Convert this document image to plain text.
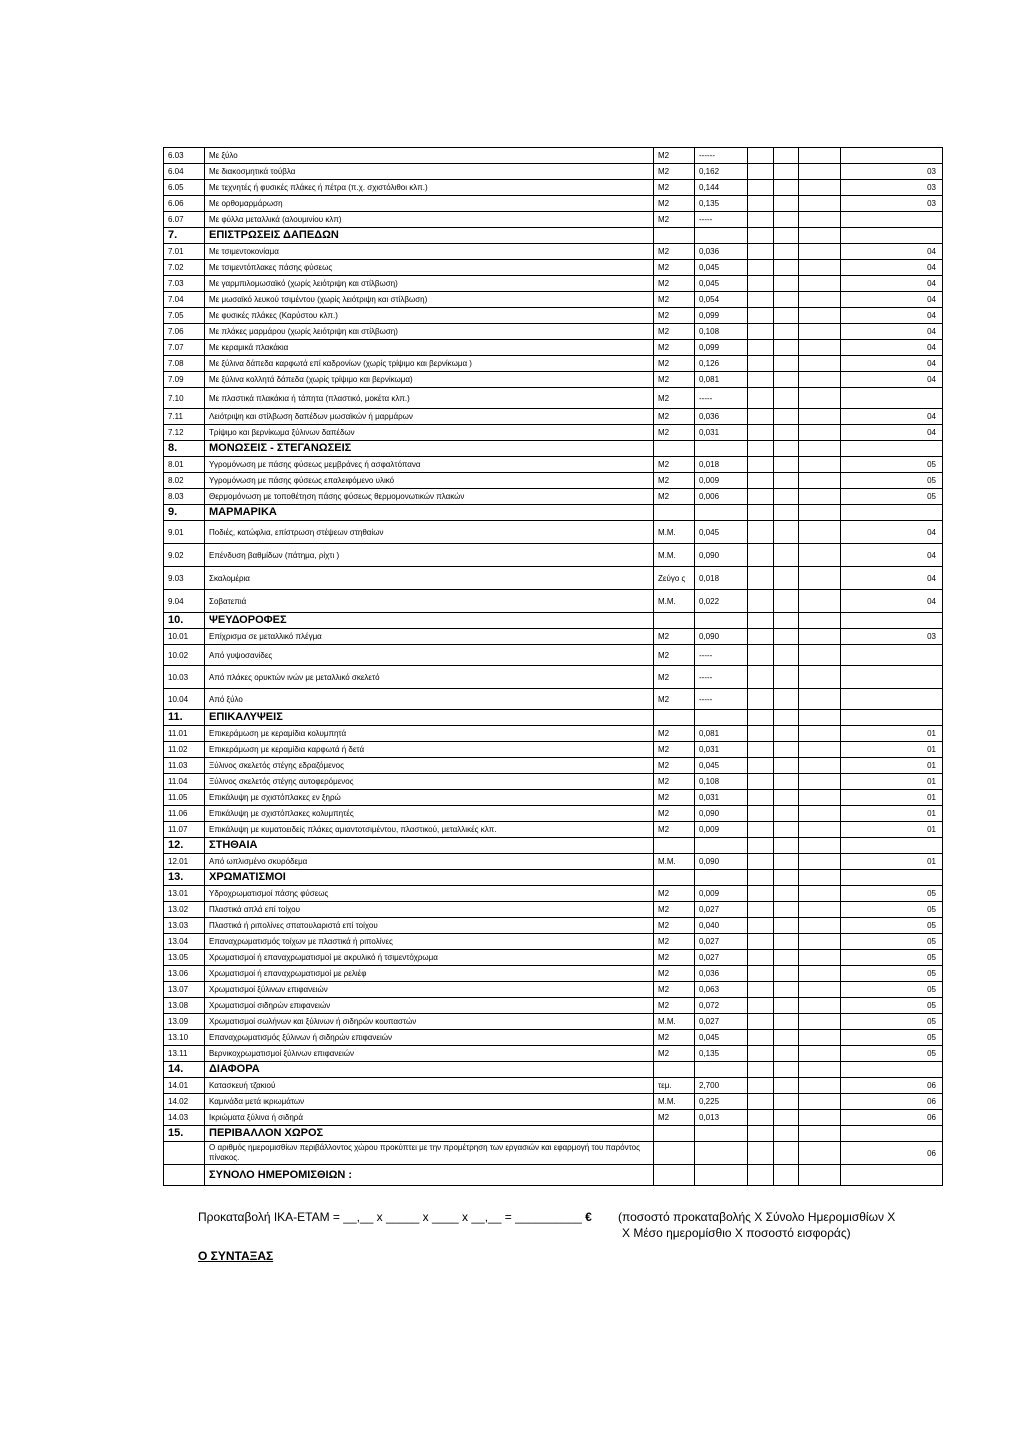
6.03	Με ξύλο	Μ2	------				
6.04	Με διακοσμητικά τούβλα	Μ2	0,162				03
6.05	Με τεχνητές ή φυσικές πλάκες ή πέτρα (π.χ. σχιστόλιθοι κλπ.)	Μ2	0,144				03
6.06	Με ορθομαρμάρωση	Μ2	0,135				03
6.07	Με φύλλα μεταλλικά (αλουμινίου κλπ)	Μ2	-----				
7.	ΕΠΙΣΤΡΩΣΕΙΣ ΔΑΠΕΔΩΝ						
7.01	Με τσιμεντοκονίαμα	Μ2	0,036				04
7.02	Με τσιμεντόπλακες πάσης φύσεως	Μ2	0,045				04
7.03	Με γαρμπιλομωσαϊκό (χωρίς λειότριψη και στίλβωση)	Μ2	0,045				04
7.04	Με μωσαϊκό λευκού τσιμέντου (χωρίς λειότριψη και στίλβωση)	Μ2	0,054				04
7.05	Με φυσικές πλάκες (Καρύστου κλπ.)	Μ2	0,099				04
7.06	Με πλάκες μαρμάρου (χωρίς λειότριψη και στίλβωση)	Μ2	0,108				04
7.07	Με κεραμικά πλακάκια	Μ2	0,099				04
7.08	Με ξύλινα δάπεδα καρφωτά επί καδρονίων (χωρίς τρίψιμο και βερνίκωμα )	Μ2	0,126				04
7.09	Με ξύλινα κολλητά δάπεδα (χωρίς τρίψιμο και βερνίκωμα)	Μ2	0,081				04
7.10	Με πλαστικά πλακάκια ή τάπητα (πλαστικό, μοκέτα κλπ.)	Μ2	-----				
7.11	Λειότριψη και στίλβωση δαπέδων μωσαϊκών ή μαρμάρων	Μ2	0,036				04
7.12	Τρίψιμο και βερνίκωμα ξύλινων δαπέδων	Μ2	0,031				04
8.	ΜΟΝΩΣΕΙΣ - ΣΤΕΓΑΝΩΣΕΙΣ						
8.01	Υγρομόνωση με πάσης φύσεως μεμβράνες ή ασφαλτόπανα	Μ2	0,018				05
8.02	Υγρομόνωση με πάσης φύσεως επαλειφόμενο υλικό	Μ2	0,009				05
8.03	Θερμομόνωση με τοποθέτηση πάσης φύσεως θερμομονωτικών πλακών	Μ2	0,006				05
9.	ΜΑΡΜΑΡΙΚΑ						
9.01	Ποδιές, κατώφλια, επίστρωση στέψεων στηθαίων	Μ.Μ.	0,045				04
9.02	Επένδυση βαθμίδων (πάτημα, ρίχτι )	Μ.Μ.	0,090				04
9.03	Σκαλομέρια	Ζεύγο ς	0,018				04
9.04	Σοβατεπιά	Μ.Μ.	0,022				04
10.	ΨΕΥΔΟΡΟΦΕΣ						
10.01	Επίχρισμα σε μεταλλικό πλέγμα	Μ2	0,090				03
10.02	Από γυψοσανίδες	Μ2	-----				
10.03	Από πλάκες ορυκτών ινών με μεταλλικό σκελετό	Μ2	-----				
10.04	Από ξύλο	Μ2	-----				
11.	ΕΠΙΚΑΛΥΨΕΙΣ						
11.01	Επικεράμωση με κεραμίδια κολυμπητά	Μ2	0,081				01
11.02	Επικεράμωση με κεραμίδια καρφωτά ή δετά	Μ2	0,031				01
11.03	Ξύλινος σκελετός στέγης εδραζόμενος	Μ2	0,045				01
11.04	Ξύλινος σκελετός στέγης αυτοφερόμενος	Μ2	0,108				01
11.05	Επικάλυψη με σχιστόπλακες εν ξηρώ	Μ2	0,031				01
11.06	Επικάλυψη με σχιστόπλακες κολυμπητές	Μ2	0,090				01
11.07	Επικάλυψη με κυματοειδείς πλάκες αμιαντοτσιμέντου, πλαστικού, μεταλλικές κλπ.	Μ2	0,009				01
12.	ΣΤΗΘΑΙΑ						
12.01	Από ωπλισμένο σκυρόδεμα	Μ.Μ.	0,090				01
13.	ΧΡΩΜΑΤΙΣΜΟΙ						
13.01	Υδροχρωματισμοί πάσης φύσεως	Μ2	0,009				05
13.02	Πλαστικά απλά επί τοίχου	Μ2	0,027				05
13.03	Πλαστικά ή ριπολίνες σπατουλαριστά επί τοίχου	Μ2	0,040				05
13.04	Επαναχρωματισμός τοίχων με πλαστικά ή ριπολίνες	Μ2	0,027				05
13.05	Χρωματισμοί ή επαναχρωματισμοί με ακρυλικό ή τσιμεντόχρωμα	Μ2	0,027				05
13.06	Χρωματισμοί ή επαναχρωματισμοί με ρελιέφ	Μ2	0,036				05
13.07	Χρωματισμοί ξύλινων επιφανειών	Μ2	0,063				05
13.08	Χρωματισμοί σιδηρών επιφανειών	Μ2	0,072				05
13.09	Χρωματισμοί σωλήνων και ξύλινων ή σιδηρών κουπαστών	Μ.Μ.	0,027				05
13.10	Επαναχρωματισμός ξύλινων ή σιδηρών επιφανειών	Μ2	0,045				05
13.11	Βερνικοχρωματισμοί ξύλινων επιφανειών	Μ2	0,135				05
14.	ΔΙΑΦΟΡΑ						
14.01	Κατασκευή τζακιού	τεμ.	2,700				06
14.02	Καμινάδα μετά ικριωμάτων	Μ.Μ.	0,225				06
14.03	Ικριώματα ξύλινα ή σιδηρά	Μ2	0,013				06
15.	ΠΕΡΙΒΑΛΛΟΝ ΧΩΡΟΣ						
	Ο αριθμός ημερομισθίων περιβάλλοντος χώρου προκύπτει με την προμέτρηση των εργασιών και εφαρμογή του παρόντος πίνακος.						06
	ΣΥΝΟΛΟ ΗΜΕΡΟΜΙΣΘΙΩΝ :						
Προκαταβολή ΙΚΑ-ΕΤΑΜ = __,__ x _____ x ____ x __,__ = __________ €	(ποσοστό προκαταβολής Χ Σύνολο Ημερομισθίων Χ
Χ Μέσο ημερομίσθιο Χ ποσοστό εισφοράς)
Ο ΣΥΝΤΑΞΑΣ
